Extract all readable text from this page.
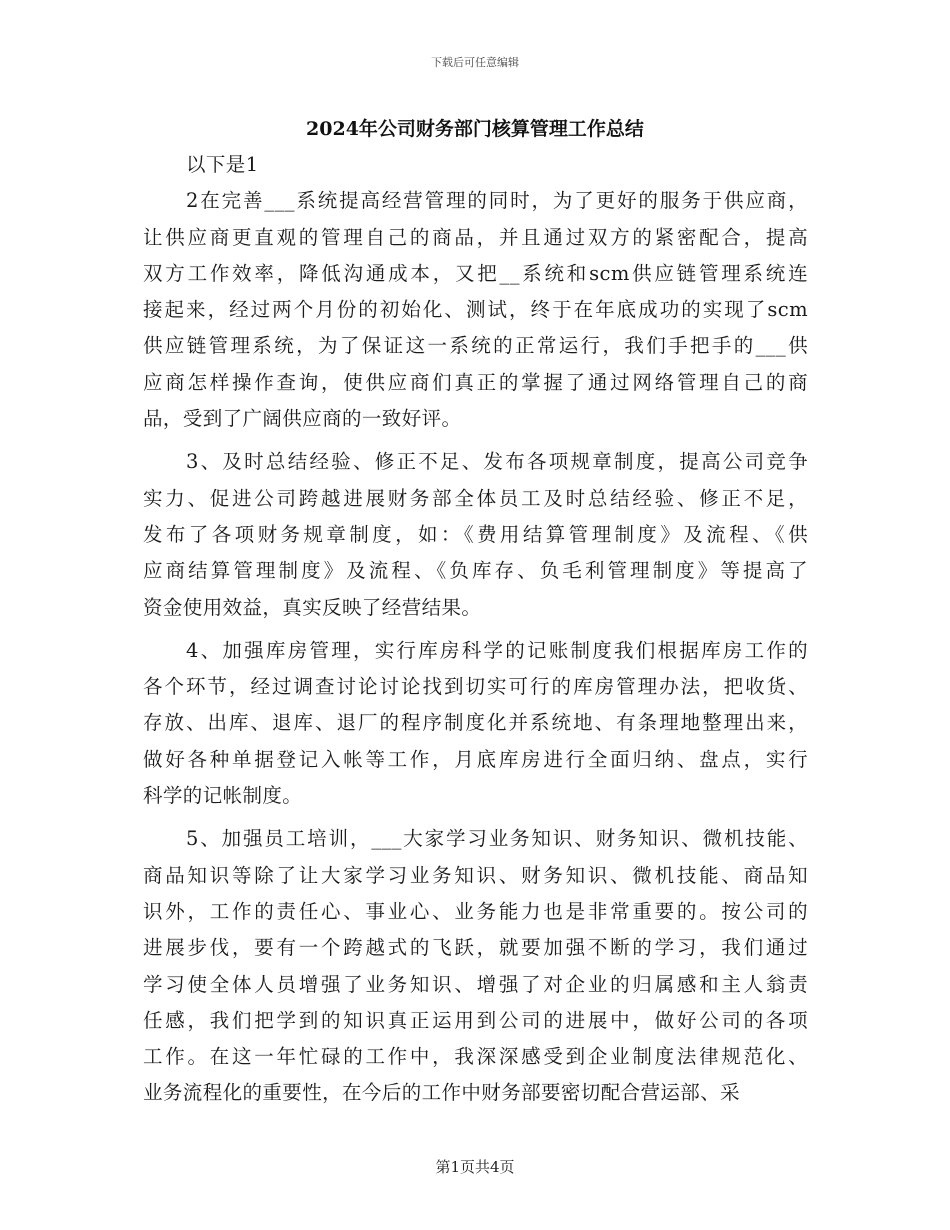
下载后可任意编辑
2024年公司财务部门核算管理工作总结
以下是1
2在完善___系统提高经营管理的同时，为了更好的服务于供应商，
让供应商更直观的管理自己的商品，并且通过双方的紧密配合，提高
双方工作效率，降低沟通成本，又把__系统和scm供应链管理系统连
接起来，经过两个月份的初始化、测试，终于在年底成功的实现了scm
供应链管理系统，为了保证这一系统的正常运行，我们手把手的___供
应商怎样操作查询，使供应商们真正的掌握了通过网络管理自己的商
品，受到了广阔供应商的一致好评。
3、及时总结经验、修正不足、发布各项规章制度，提高公司竞争
实力、促进公司跨越进展财务部全体员工及时总结经验、修正不足，
发布了各项财务规章制度，如：《费用结算管理制度》及流程、《供
应商结算管理制度》及流程、《负库存、负毛利管理制度》等提高了
资金使用效益，真实反映了经营结果。
4、加强库房管理，实行库房科学的记账制度我们根据库房工作的
各个环节，经过调查讨论讨论找到切实可行的库房管理办法，把收货、
存放、出库、退库、退厂的程序制度化并系统地、有条理地整理出来，
做好各种单据登记入帐等工作，月底库房进行全面归纳、盘点，实行
科学的记帐制度。
5、加强员工培训，___大家学习业务知识、财务知识、微机技能、
商品知识等除了让大家学习业务知识、财务知识、微机技能、商品知
识外，工作的责任心、事业心、业务能力也是非常重要的。按公司的
进展步伐，要有一个跨越式的飞跃，就要加强不断的学习，我们通过
学习使全体人员增强了业务知识、增强了对企业的归属感和主人翁责
任感，我们把学到的知识真正运用到公司的进展中，做好公司的各项
工作。在这一年忙碌的工作中，我深深感受到企业制度法律规范化、
业务流程化的重要性，在今后的工作中财务部要密切配合营运部、采
第1页共4页
